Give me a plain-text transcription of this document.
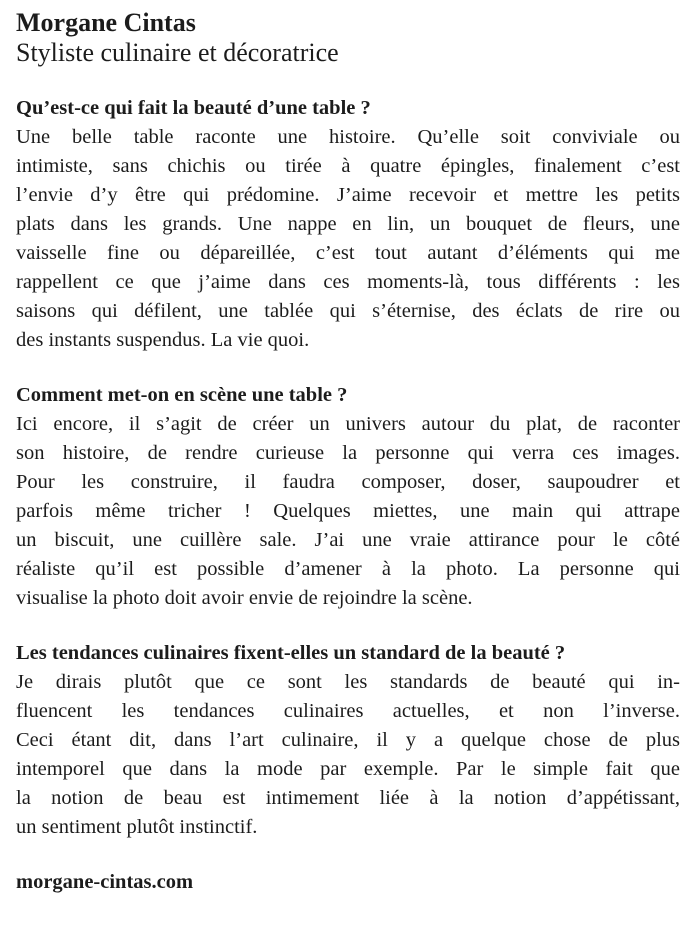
Morgane Cintas
Styliste culinaire et décoratrice
Qu’est-ce qui fait la beauté d’une table ?
Une belle table raconte une histoire. Qu’elle soit conviviale ou
intimiste, sans chichis ou tirée à quatre épingles, finalement c’est
l’envie d’y être qui prédomine. J’aime recevoir et mettre les petits
plats dans les grands. Une nappe en lin, un bouquet de fleurs, une
vaisselle fine ou dépareillée, c’est tout autant d’éléments qui me
rappellent ce que j’aime dans ces moments-là, tous différents : les
saisons qui défilent, une tablée qui s’éternise, des éclats de rire ou
des instants suspendus. La vie quoi.
Comment met-on en scène une table ?
Ici encore, il s’agit de créer un univers autour du plat, de raconter
son histoire, de rendre curieuse la personne qui verra ces images.
Pour les construire, il faudra composer, doser, saupoudrer et
parfois même tricher ! Quelques miettes, une main qui attrape
un biscuit, une cuillère sale. J’ai une vraie attirance pour le côté
réaliste qu’il est possible d’amener à la photo. La personne qui
visualise la photo doit avoir envie de rejoindre la scène.
Les tendances culinaires fixent-elles un standard de la beauté ?
Je dirais plutôt que ce sont les standards de beauté qui in-
fluencent les tendances culinaires actuelles, et non l’inverse.
Ceci étant dit, dans l’art culinaire, il y a quelque chose de plus
intemporel que dans la mode par exemple. Par le simple fait que
la notion de beau est intimement liée à la notion d’appétissant,
un sentiment plutôt instinctif.
morgane-cintas.com
